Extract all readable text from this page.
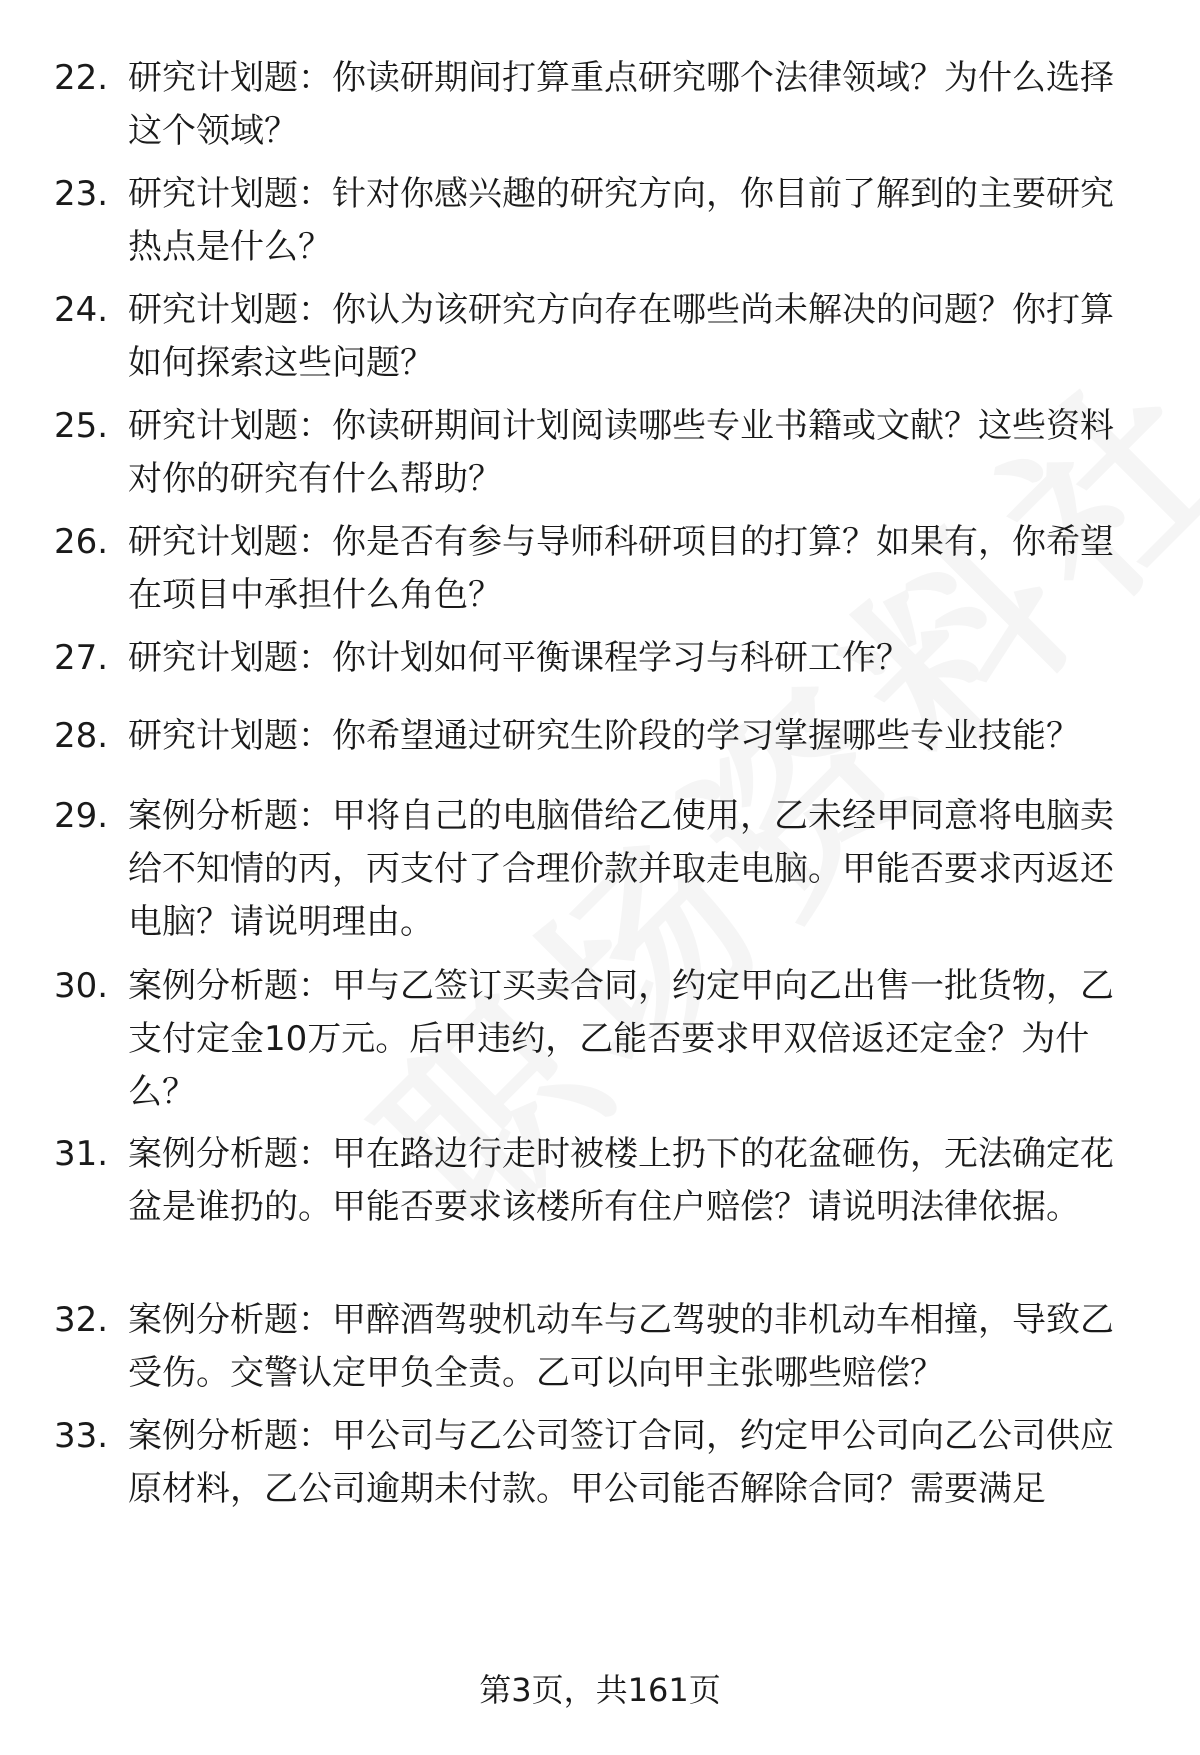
22. 研究计划题：你读研期间打算重点研究哪个法律领域？为什么选择这个领域？
23. 研究计划题：针对你感兴趣的研究方向，你目前了解到的主要研究热点是什么？
24. 研究计划题：你认为该研究方向存在哪些尚未解决的问题？你打算如何探索这些问题？
25. 研究计划题：你读研期间计划阅读哪些专业书籍或文献？这些资料对你的研究有什么帮助？
26. 研究计划题：你是否有参与导师科研项目的打算？如果有，你希望在项目中承担什么角色？
27. 研究计划题：你计划如何平衡课程学习与科研工作？
28. 研究计划题：你希望通过研究生阶段的学习掌握哪些专业技能？
29. 案例分析题：甲将自己的电脑借给乙使用，乙未经甲同意将电脑卖给不知情的丙，丙支付了合理价款并取走电脑。甲能否要求丙返还电脑？请说明理由。
30. 案例分析题：甲与乙签订买卖合同，约定甲向乙出售一批货物，乙支付定金10万元。后甲违约，乙能否要求甲双倍返还定金？为什么？
31. 案例分析题：甲在路边行走时被楼上扔下的花盆砸伤，无法确定花盆是谁扔的。甲能否要求该楼所有住户赔偿？请说明法律依据。
32. 案例分析题：甲醉酒驾驶机动车与乙驾驶的非机动车相撞，导致乙受伤。交警认定甲负全责。乙可以向甲主张哪些赔偿？
33. 案例分析题：甲公司与乙公司签订合同，约定甲公司向乙公司供应原材料，乙公司逾期未付款。甲公司能否解除合同？需要满足
第3页，共161页
